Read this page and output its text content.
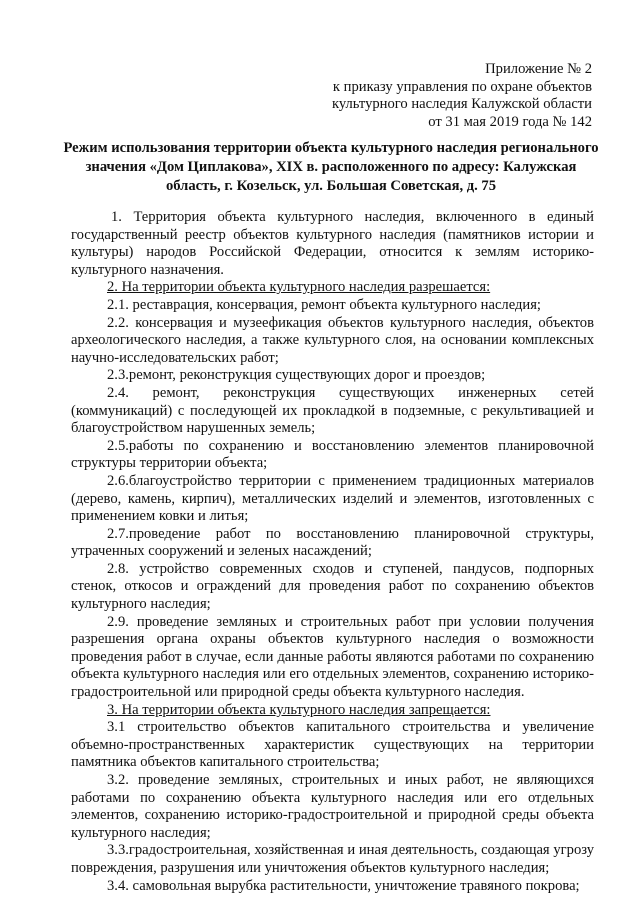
Приложение № 2
к приказу управления по охране объектов
культурного наследия Калужской области
от 31 мая 2019 года № 142
Режим использования территории объекта культурного наследия регионального значения «Дом Циплакова», XIX в. расположенного по адресу: Калужская область, г. Козельск, ул. Большая Советская, д. 75

1. Территория объекта культурного наследия, включенного в единый государственный реестр объектов культурного наследия (памятников истории и культуры) народов Российской Федерации, относится к землям историко-культурного назначения.

2. На территории объекта культурного наследия разрешается:

2.1. реставрация, консервация, ремонт объекта культурного наследия;

2.2. консервация и музеефикация объектов культурного наследия, объектов археологического наследия, а также культурного слоя, на основании комплексных научно-исследовательских работ;

2.3.ремонт, реконструкция существующих дорог и проездов;

2.4. ремонт, реконструкция существующих инженерных сетей (коммуникаций) с последующей их прокладкой в подземные, с рекультивацией и благоустройством нарушенных земель;

2.5.работы по сохранению и восстановлению элементов планировочной структуры территории объекта;

2.6.благоустройство территории с применением традиционных материалов (дерево, камень, кирпич), металлических изделий и элементов, изготовленных с применением ковки и литья;

2.7.проведение работ по восстановлению планировочной структуры, утраченных сооружений и зеленых насаждений;

2.8. устройство современных сходов и ступеней, пандусов, подпорных стенок, откосов и ограждений для проведения работ по сохранению объектов культурного наследия;

2.9. проведение земляных и строительных работ при условии получения разрешения органа охраны объектов культурного наследия о возможности проведения работ в случае, если данные работы являются работами по сохранению объекта культурного наследия или его отдельных элементов, сохранению историко-градостроительной или природной среды объекта культурного наследия.

3. На территории объекта культурного наследия запрещается:

3.1 строительство объектов капитального строительства и увеличение объемно-пространственных характеристик существующих на территории памятника объектов капитального строительства;

3.2. проведение земляных, строительных и иных работ, не являющихся работами по сохранению объекта культурного наследия или его отдельных элементов, сохранению историко-градостроительной и природной среды объекта культурного наследия;

3.3.градостроительная, хозяйственная и иная деятельность, создающая угрозу повреждения, разрушения или уничтожения объектов культурного наследия;

3.4. самовольная вырубка растительности, уничтожение травяного покрова;
